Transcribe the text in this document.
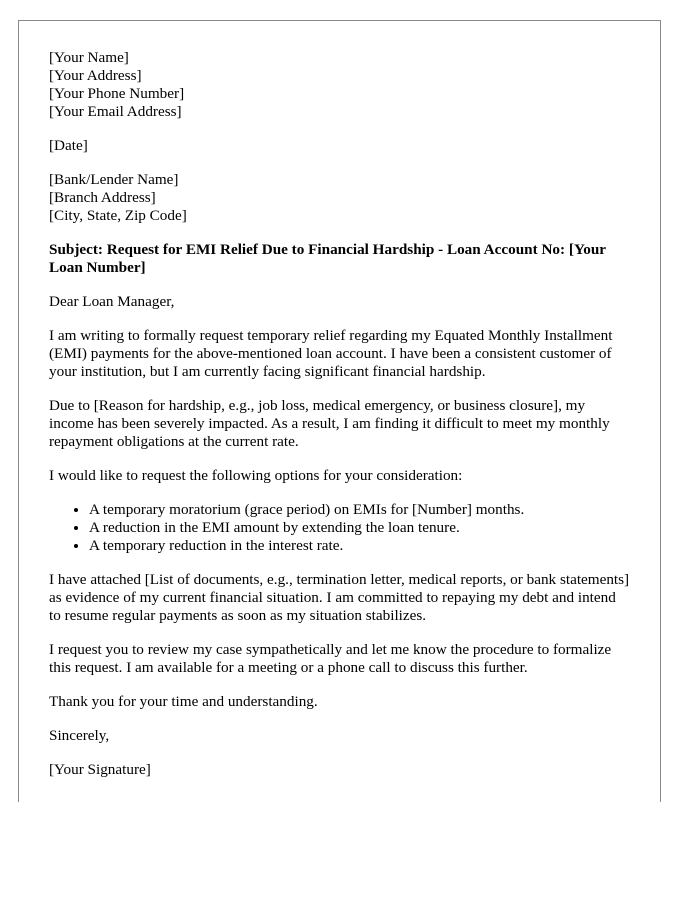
[Your Name]
[Your Address]
[Your Phone Number]
[Your Email Address]
[Date]
[Bank/Lender Name]
[Branch Address]
[City, State, Zip Code]

Subject: Request for EMI Relief Due to Financial Hardship - Loan Account No: [Your Loan Number]

Dear Loan Manager,

I am writing to formally request temporary relief regarding my Equated Monthly Installment (EMI) payments for the above-mentioned loan account. I have been a consistent customer of your institution, but I am currently facing significant financial hardship.

Due to [Reason for hardship, e.g., job loss, medical emergency, or business closure], my income has been severely impacted. As a result, I am finding it difficult to meet my monthly repayment obligations at the current rate.

I would like to request the following options for your consideration:

• A temporary moratorium (grace period) on EMIs for [Number] months.
• A reduction in the EMI amount by extending the loan tenure.
• A temporary reduction in the interest rate.

I have attached [List of documents, e.g., termination letter, medical reports, or bank statements] as evidence of my current financial situation. I am committed to repaying my debt and intend to resume regular payments as soon as my situation stabilizes.

I request you to review my case sympathetically and let me know the procedure to formalize this request. I am available for a meeting or a phone call to discuss this further.

Thank you for your time and understanding.

Sincerely,

[Your Signature]
